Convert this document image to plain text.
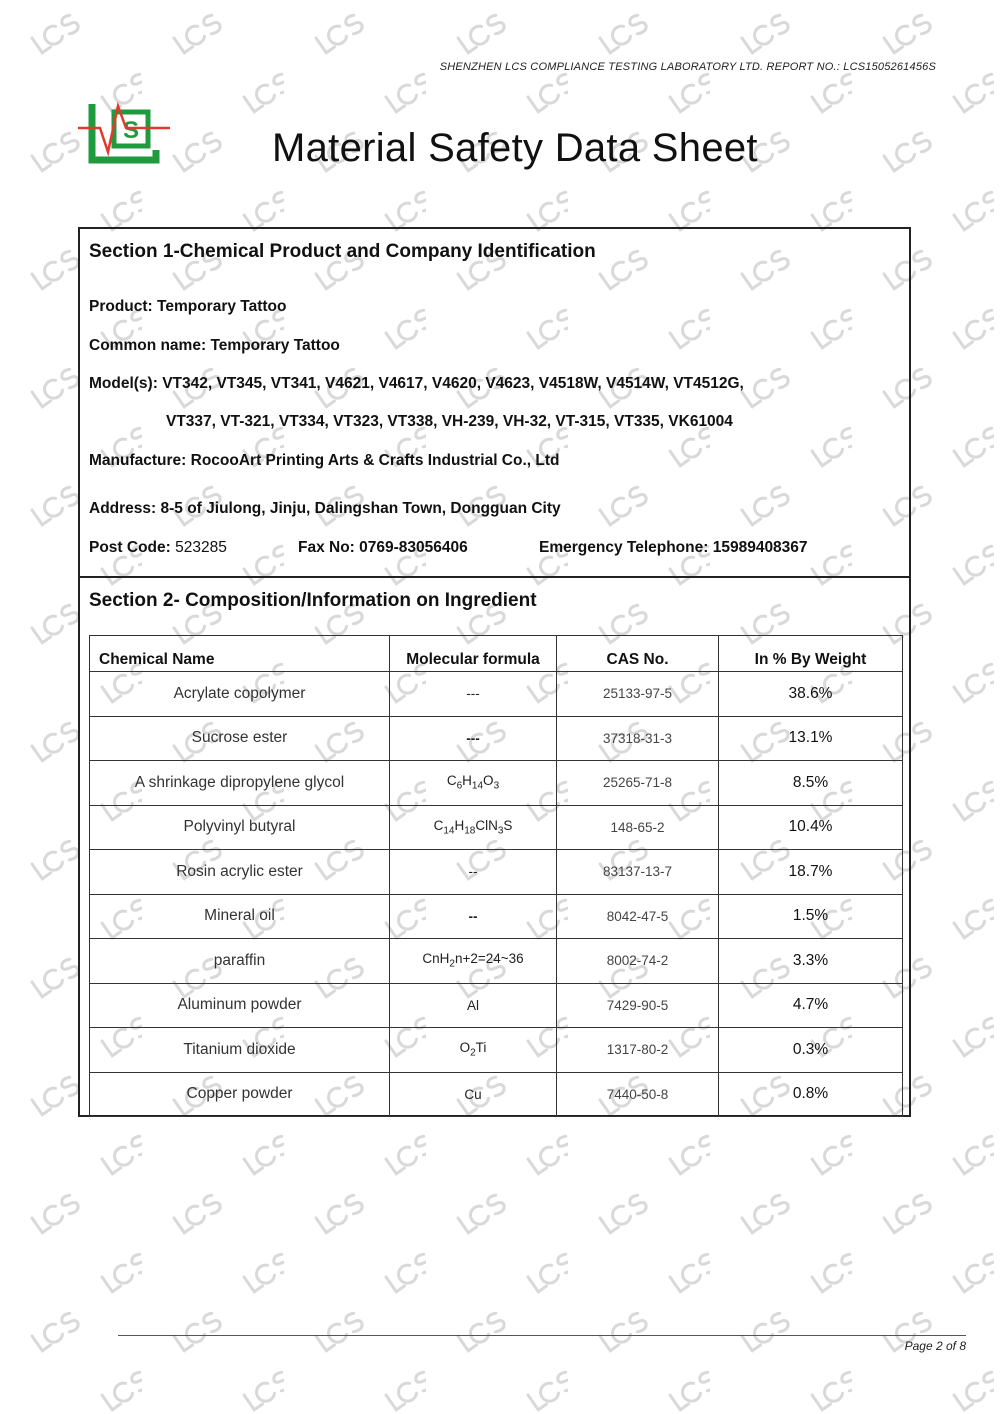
SHENZHEN LCS COMPLIANCE TESTING LABORATORY LTD. REPORT NO.: LCS1505261456S
S	Material Safety Data Sheet
Section 1-Chemical Product and Company Identification
Product: Temporary Tattoo
Common name: Temporary Tattoo
Model(s): VT342, VT345, VT341, V4621, V4617, V4620, V4623, V4518W, V4514W, VT4512G,
VT337, VT-321, VT334, VT323, VT338, VH-239, VH-32, VT-315, VT335, VK61004
Manufacture: RocooArt Printing Arts & Crafts Industrial Co., Ltd
Address: 8-5 of Jiulong, Jinju, Dalingshan Town, Dongguan City
Post Code: 523285	Fax No: 0769-83056406	Emergency Telephone: 15989408367
Section 2- Composition/Information on Ingredient
Chemical Name	Molecular formula	CAS No.	In % By Weight
Acrylate copolymer	---	25133-97-5	38.6%
Sucrose ester	---	37318-31-3	13.1%
A shrinkage dipropylene glycol	$C_6H_{14}O_3$	25265-71-8	8.5%
Polyvinyl butyral	$C_{14}H_{18}ClN_3S$	148-65-2	10.4%
Rosin acrylic ester	--	83137-13-7	18.7%
Mineral oil	--	8042-47-5	1.5%
paraffin	CnH$_2$n+2=24~36	8002-74-2	3.3%
Aluminum powder	Al	7429-90-5	4.7%
Titanium dioxide	$O_2Ti$	1317-80-2	0.3%
Copper powder	Cu	7440-50-8	0.8%
Page 2 of 8
